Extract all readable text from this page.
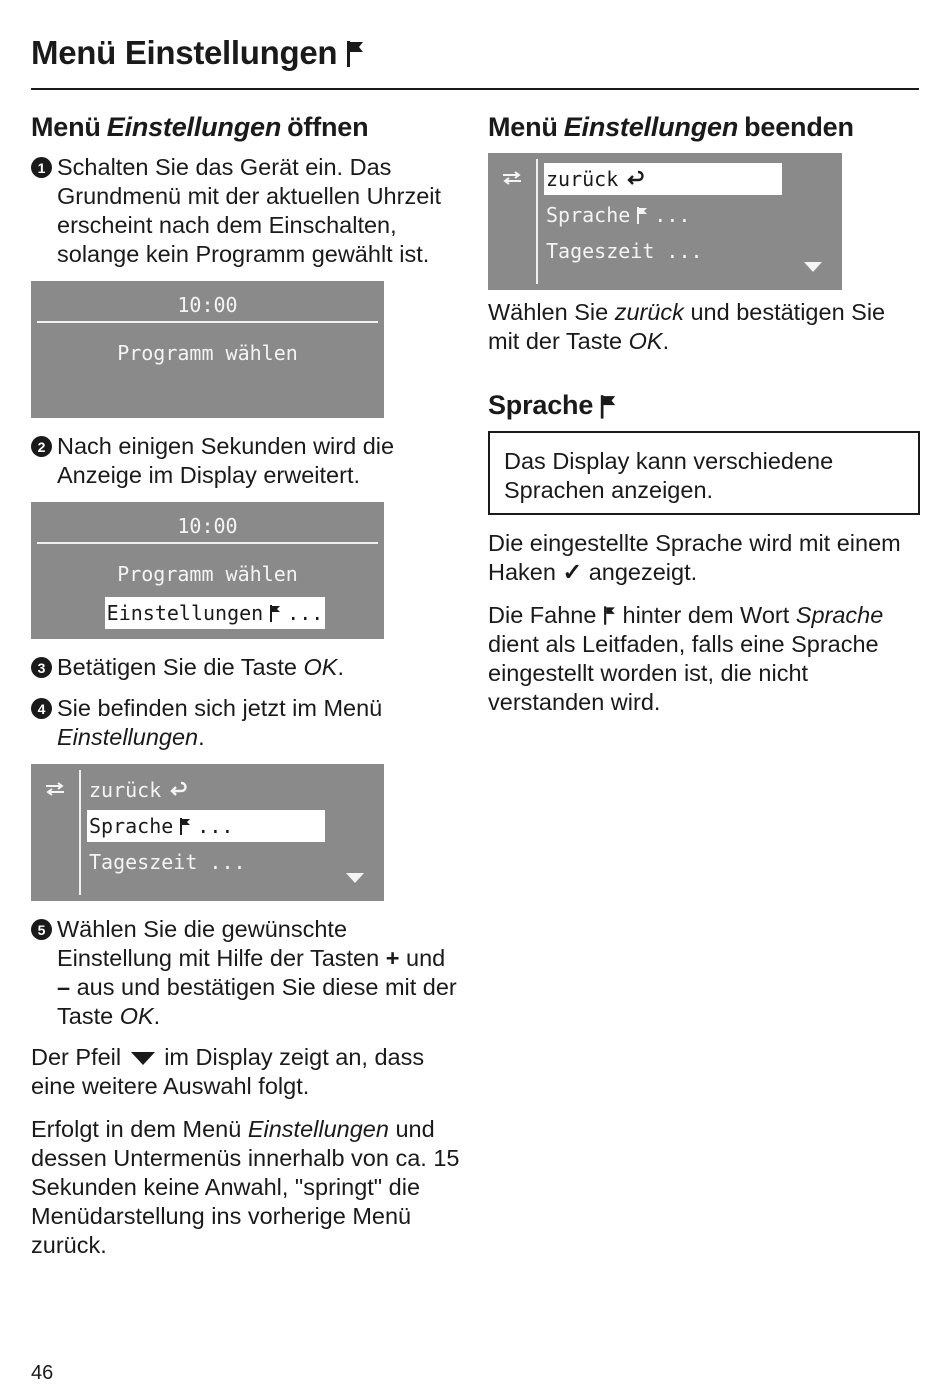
Menü Einstellungen
Menü Einstellungen öffnen
1 Schalten Sie das Gerät ein. Das Grundmenü mit der aktuellen Uhrzeit erscheint nach dem Einschalten, solange kein Programm gewählt ist.
10:00
Programm wählen
2 Nach einigen Sekunden wird die Anzeige im Display erweitert.
10:00
Programm wählen
Einstellungen ...
3 Betätigen Sie die Taste OK.
4 Sie befinden sich jetzt im Menü Einstellungen.
zurück
Sprache ...
Tageszeit ...
5 Wählen Sie die gewünschte Einstellung mit Hilfe der Tasten + und – aus und bestätigen Sie diese mit der Taste OK.

Der Pfeil im Display zeigt an, dass eine weitere Auswahl folgt.

Erfolgt in dem Menü Einstellungen und dessen Untermenüs innerhalb von ca. 15 Sekunden keine Anwahl, "springt" die Menüdarstellung ins vorherige Menü zurück.

Menü Einstellungen beenden
zurück
Sprache ...
Tageszeit ...

Wählen Sie zurück und bestätigen Sie mit der Taste OK.

Sprache

Das Display kann verschiedene Sprachen anzeigen.

Die eingestellte Sprache wird mit einem Haken ✓ angezeigt.

Die Fahne hinter dem Wort Sprache dient als Leitfaden, falls eine Sprache eingestellt worden ist, die nicht verstanden wird.

46
